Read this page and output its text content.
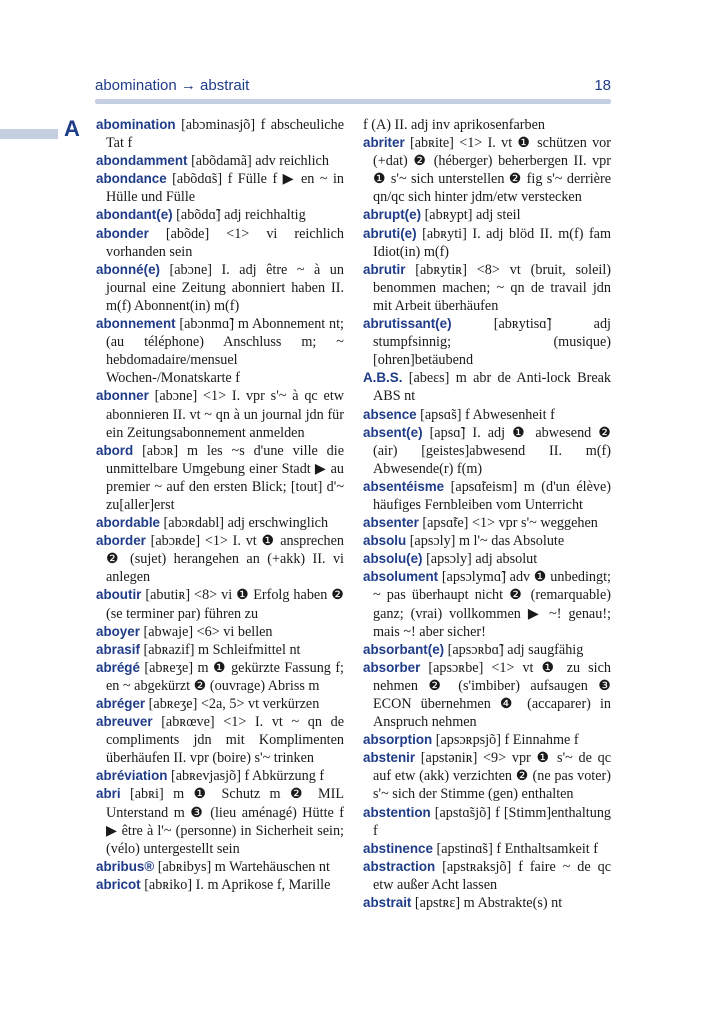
abomination → abstrait	18
A abomination [abɔminasjõ] f abscheuliche Tat f
abondamment [abõdamã] adv reichlich
abondance [abõdɑ̃s] f Fülle f ▶ en ~ in Hülle und Fülle
abondant(e) [abõdɑ̃] adj reichhaltig
abonder [abõde] <1> vi reichlich vorhanden sein
abonné(e) [abɔne] I. adj être ~ à un journal eine Zeitung abonniert haben II. m(f) Abonnent(in) m(f)
abonnement [abɔnmɑ̃] m Abonnement nt; (au téléphone) Anschluss m; ~ hebdomadaire/mensuel Wochen-/Monatskarte f
abonner [abɔne] <1> I. vpr s'~ à qc etw abonnieren II. vt ~ qn à un journal jdn für ein Zeitungsabonnement anmelden
abord [abɔʀ] m les ~s d'une ville die unmittelbare Umgebung einer Stadt ▶ au premier ~ auf den ersten Blick; [tout] d'~ zu[aller]erst
abordable [abɔʀdabl] adj erschwinglich
aborder [abɔʀde] <1> I. vt ❶ ansprechen ❷ (sujet) herangehen an (+akk) II. vi anlegen
aboutir [abutiʀ] <8> vi ❶ Erfolg haben ❷ (se terminer par) führen zu
aboyer [abwaje] <6> vi bellen
abrasif [abʀazif] m Schleifmittel nt
abrégé [abʀeʒe] m ❶ gekürzte Fassung f; en ~ abgekürzt ❷ (ouvrage) Abriss m
abréger [abʀeʒe] <2a, 5> vt verkürzen
abreuver [abʀœve] <1> I. vt ~ qn de compliments jdn mit Komplimenten überhäufen II. vpr (boire) s'~ trinken
abréviation [abʀevjasjõ] f Abkürzung f
abri [abʀi] m ❶ Schutz m ❷ MIL Unterstand m ❸ (lieu aménagé) Hütte f ▶ être à l'~ (personne) in Sicherheit sein; (vélo) untergestellt sein
abribus® [abʀibys] m Wartehäuschen nt
abricot [abʀiko] I. m Aprikose f, Marille
f (A) II. adj inv aprikosenfarben
abriter [abʀite] <1> I. vt ❶ schützen vor (+dat) ❷ (héberger) beherbergen II. vpr ❶ s'~ sich unterstellen ❷ fig s'~ derrière qn/qc sich hinter jdm/etw verstecken
abrupt(e) [abʀypt] adj steil
abruti(e) [abʀyti] I. adj blöd II. m(f) fam Idiot(in) m(f)
abrutir [abʀytiʀ] <8> vt (bruit, soleil) benommen machen; ~ qn de travail jdn mit Arbeit überhäufen
abrutissant(e)	[abʀytisɑ̃] adj stumpfsinnig; (musique) [ohren]betäubend
A.B.S. [abeɛs] m abr de Anti-lock Break ABS nt
absence [apsɑ̃s] f Abwesenheit f
absent(e) [apsɑ̃] I. adj ❶ abwesend ❷ (air) [geistes]abwesend II. m(f) Abwesende(r) f(m)
absentéisme [apsɑ̃teism] m (d'un élève) häufiges Fernbleiben vom Unterricht
absenter [apsɑ̃te] <1> vpr s'~ weggehen
absolu [apsɔly] m l'~ das Absolute
absolu(e) [apsɔly] adj absolut
absolument [apsɔlymɑ̃] adv ❶ unbedingt; ~ pas überhaupt nicht ❷ (remarquable) ganz; (vrai) vollkommen ▶ ~! genau!; mais ~! aber sicher!
absorbant(e) [apsɔʀbɑ̃] adj saugfähig
absorber [apsɔʀbe] <1> vt ❶ zu sich nehmen ❷ (s'imbiber) aufsaugen ❸ ECON übernehmen ❹ (accaparer) in Anspruch nehmen
absorption [apsɔʀpsjõ] f Einnahme f
abstenir [apstəniʀ] <9> vpr ❶ s'~ de qc auf etw (akk) verzichten ❷ (ne pas voter) s'~ sich der Stimme (gen) enthalten
abstention [apstɑ̃sjõ] f [Stimm]enthaltung f
abstinence [apstinɑ̃s] f Enthaltsamkeit f
abstraction [apstʀaksjõ] f faire ~ de qc etw außer Acht lassen
abstrait [apstʀɛ] m Abstrakte(s) nt
